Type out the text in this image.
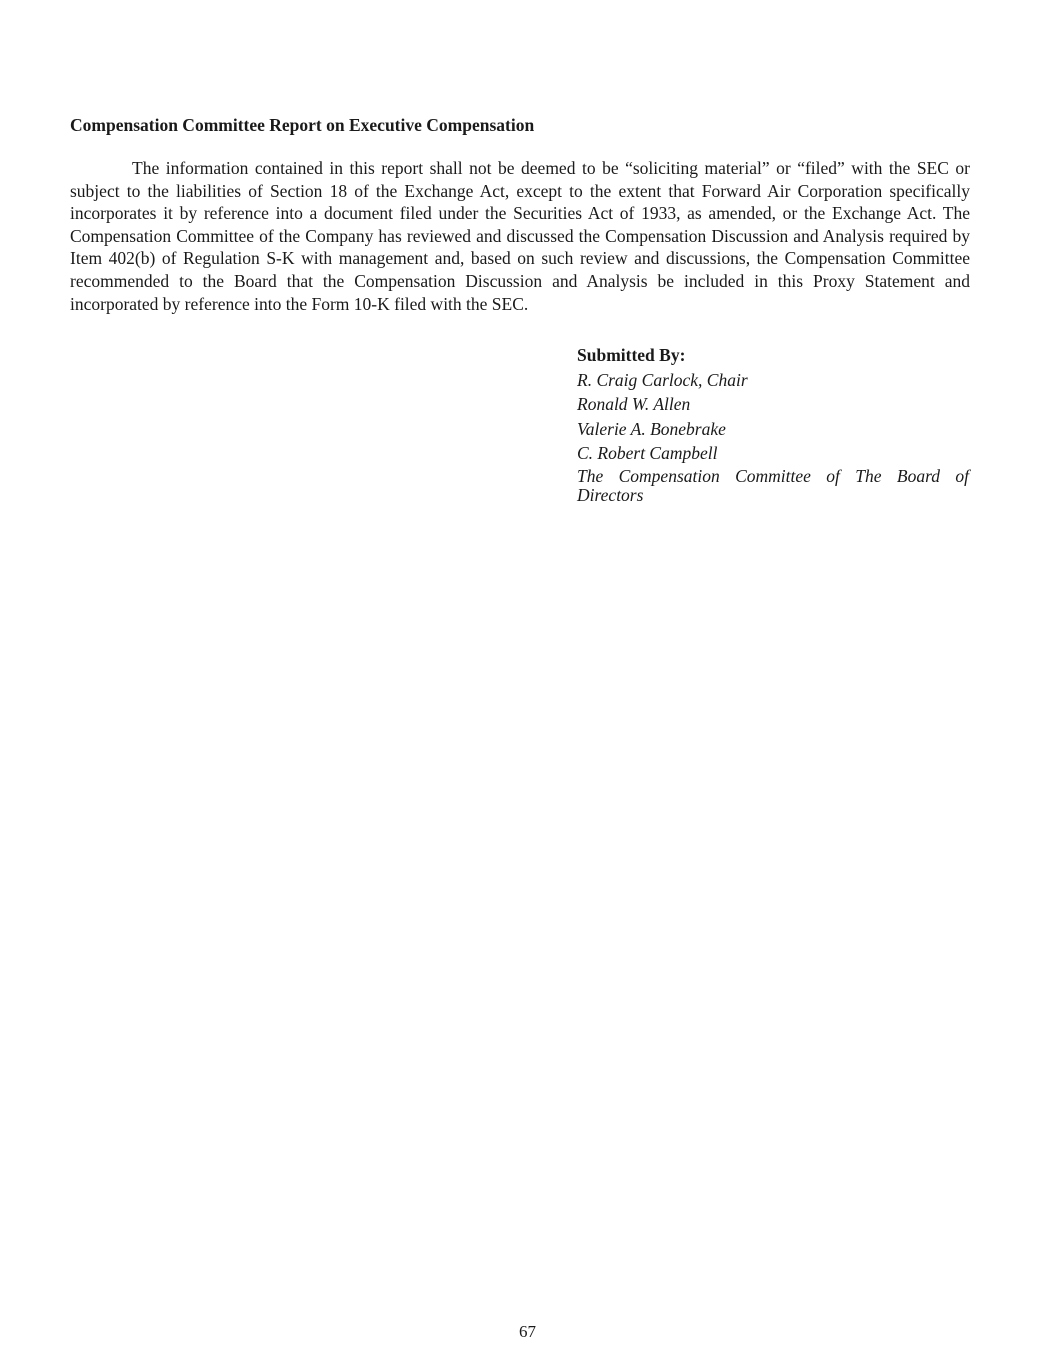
Compensation Committee Report on Executive Compensation

The information contained in this report shall not be deemed to be “soliciting material” or “filed” with the SEC or subject to the liabilities of Section 18 of the Exchange Act, except to the extent that Forward Air Corporation specifically incorporates it by reference into a document filed under the Securities Act of 1933, as amended, or the Exchange Act. The Compensation Committee of the Company has reviewed and discussed the Compensation Discussion and Analysis required by Item 402(b) of Regulation S-K with management and, based on such review and discussions, the Compensation Committee recommended to the Board that the Compensation Discussion and Analysis be included in this Proxy Statement and incorporated by reference into the Form 10-K filed with the SEC.

Submitted By:
R. Craig Carlock, Chair
Ronald W. Allen
Valerie A. Bonebrake
C. Robert Campbell
The Compensation Committee of The Board of Directors
67
